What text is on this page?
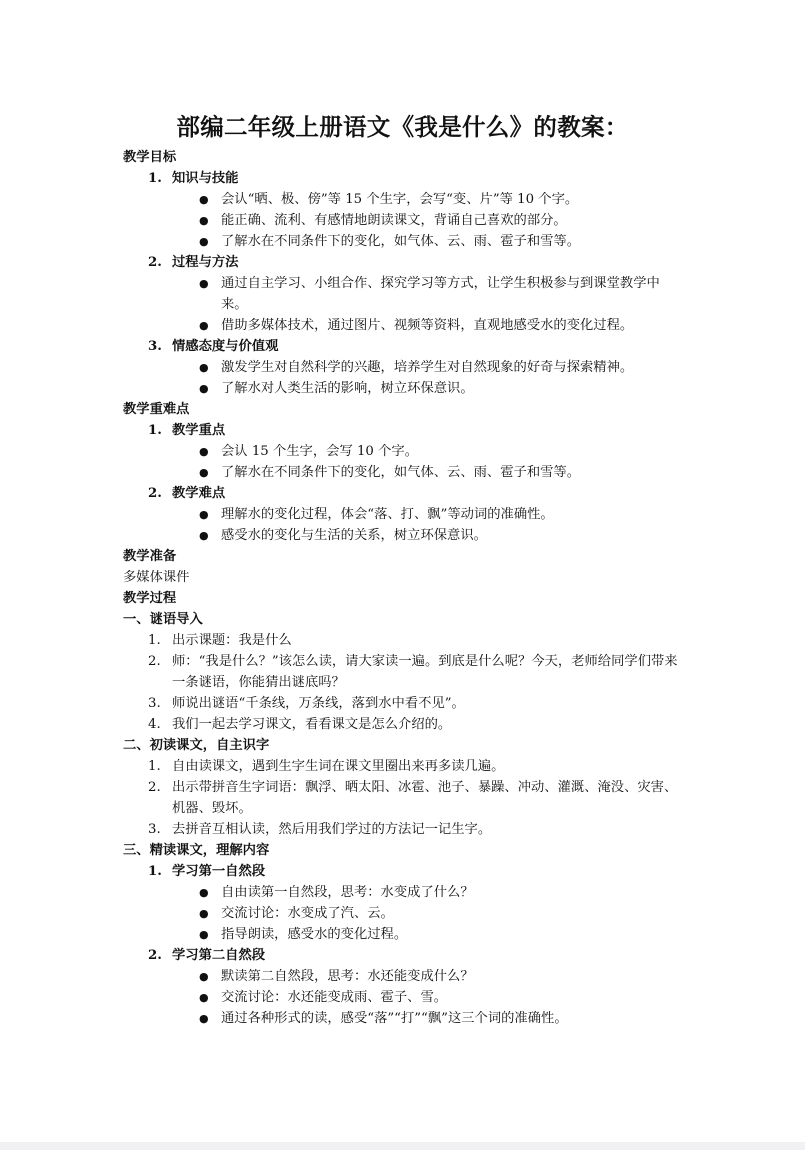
部编二年级上册语文《我是什么》的教案：
教学目标
1. 知识与技能
● 会认“晒、极、傍”等 15 个生字，会写“变、片”等 10 个字。
● 能正确、流利、有感情地朗读课文，背诵自己喜欢的部分。
● 了解水在不同条件下的变化，如气体、云、雨、雹子和雪等。
2. 过程与方法
● 通过自主学习、小组合作、探究学习等方式，让学生积极参与到课堂教学中来。
● 借助多媒体技术，通过图片、视频等资料，直观地感受水的变化过程。
3. 情感态度与价值观
● 激发学生对自然科学的兴趣，培养学生对自然现象的好奇与探索精神。
● 了解水对人类生活的影响，树立环保意识。
教学重难点
1. 教学重点
● 会认 15 个生字，会写 10 个字。
● 了解水在不同条件下的变化，如气体、云、雨、雹子和雪等。
2. 教学难点
● 理解水的变化过程，体会“落、打、飘”等动词的准确性。
● 感受水的变化与生活的关系，树立环保意识。
教学准备
多媒体课件
教学过程
一、谜语导入
1. 出示课题：我是什么
2. 师：“我是什么？”该怎么读，请大家读一遍。到底是什么呢？今天，老师给同学们带来一条谜语，你能猜出谜底吗？
3. 师说出谜语“千条线，万条线，落到水中看不见”。
4. 我们一起去学习课文，看看课文是怎么介绍的。
二、初读课文，自主识字
1. 自由读课文，遇到生字生词在课文里圈出来再多读几遍。
2. 出示带拼音生字词语：飘浮、晒太阳、冰雹、池子、暴躁、冲动、灌溉、淹没、灾害、机器、毁坏。
3. 去拼音互相认读，然后用我们学过的方法记一记生字。
三、精读课文，理解内容
1. 学习第一自然段
● 自由读第一自然段，思考：水变成了什么？
● 交流讨论：水变成了汽、云。
● 指导朗读，感受水的变化过程。
2. 学习第二自然段
● 默读第二自然段，思考：水还能变成什么？
● 交流讨论：水还能变成雨、雹子、雪。
● 通过各种形式的读，感受“落”“打”“飘”这三个词的准确性。
